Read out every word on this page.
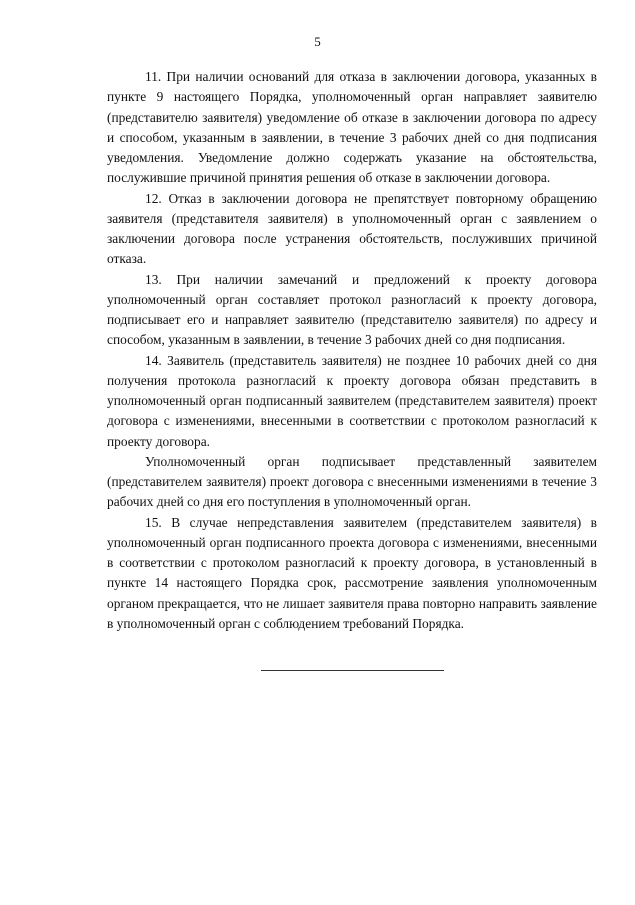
5

11. При наличии оснований для отказа в заключении договора, указанных в пункте 9 настоящего Порядка, уполномоченный орган направляет заявителю (представителю заявителя) уведомление об отказе в заключении договора по адресу и способом, указанным в заявлении, в течение 3 рабочих дней со дня подписания уведомления. Уведомление должно содержать указание на обстоятельства, послужившие причиной принятия решения об отказе в заключении договора.

12. Отказ в заключении договора не препятствует повторному обращению заявителя (представителя заявителя) в уполномоченный орган с заявлением о заключении договора после устранения обстоятельств, послуживших причиной отказа.

13. При наличии замечаний и предложений к проекту договора уполномоченный орган составляет протокол разногласий к проекту договора, подписывает его и направляет заявителю (представителю заявителя) по адресу и способом, указанным в заявлении, в течение 3 рабочих дней со дня подписания.

14. Заявитель (представитель заявителя) не позднее 10 рабочих дней со дня получения протокола разногласий к проекту договора обязан представить в уполномоченный орган подписанный заявителем (представителем заявителя) проект договора с изменениями, внесенными в соответствии с протоколом разногласий к проекту договора.

Уполномоченный орган подписывает представленный заявителем (представителем заявителя) проект договора с внесенными изменениями в течение 3 рабочих дней со дня его поступления в уполномоченный орган.

15. В случае непредставления заявителем (представителем заявителя) в уполномоченный орган подписанного проекта договора с изменениями, внесенными в соответствии с протоколом разногласий к проекту договора, в установленный в пункте 14 настоящего Порядка срок, рассмотрение заявления уполномоченным органом прекращается, что не лишает заявителя права повторно направить заявление в уполномоченный орган с соблюдением требований Порядка.
